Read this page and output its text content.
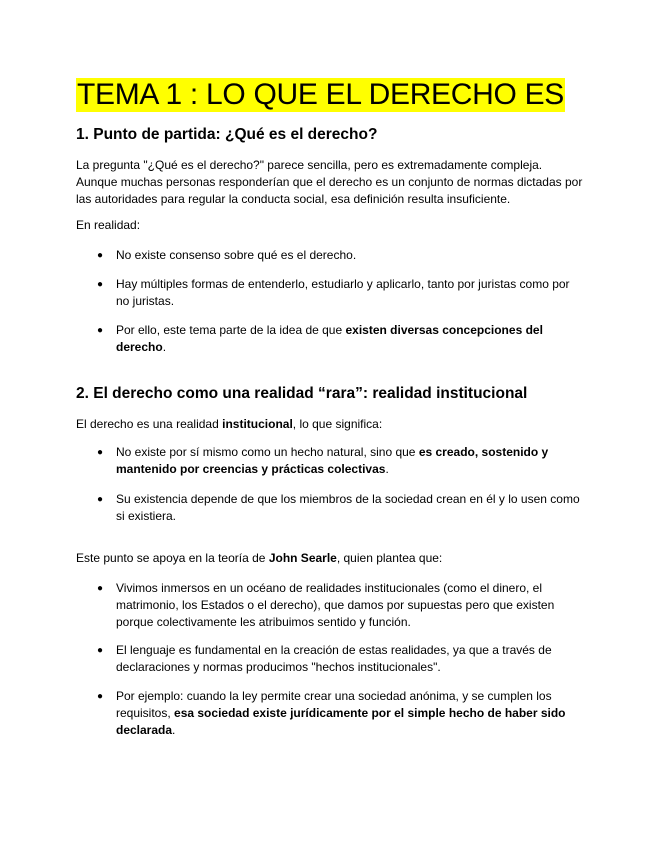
TEMA 1 : LO QUE EL DERECHO ES
1. Punto de partida: ¿Qué es el derecho?
La pregunta "¿Qué es el derecho?" parece sencilla, pero es extremadamente compleja. Aunque muchas personas responderían que el derecho es un conjunto de normas dictadas por las autoridades para regular la conducta social, esa definición resulta insuficiente.
En realidad:
● No existe consenso sobre qué es el derecho.
● Hay múltiples formas de entenderlo, estudiarlo y aplicarlo, tanto por juristas como por no juristas.
● Por ello, este tema parte de la idea de que existen diversas concepciones del derecho.
2. El derecho como una realidad “rara”: realidad institucional
El derecho es una realidad institucional, lo que significa:
● No existe por sí mismo como un hecho natural, sino que es creado, sostenido y mantenido por creencias y prácticas colectivas.
● Su existencia depende de que los miembros de la sociedad crean en él y lo usen como si existiera.
Este punto se apoya en la teoría de John Searle, quien plantea que:
● Vivimos inmersos en un océano de realidades institucionales (como el dinero, el matrimonio, los Estados o el derecho), que damos por supuestas pero que existen porque colectivamente les atribuimos sentido y función.
● El lenguaje es fundamental en la creación de estas realidades, ya que a través de declaraciones y normas producimos "hechos institucionales".
● Por ejemplo: cuando la ley permite crear una sociedad anónima, y se cumplen los requisitos, esa sociedad existe jurídicamente por el simple hecho de haber sido declarada.
